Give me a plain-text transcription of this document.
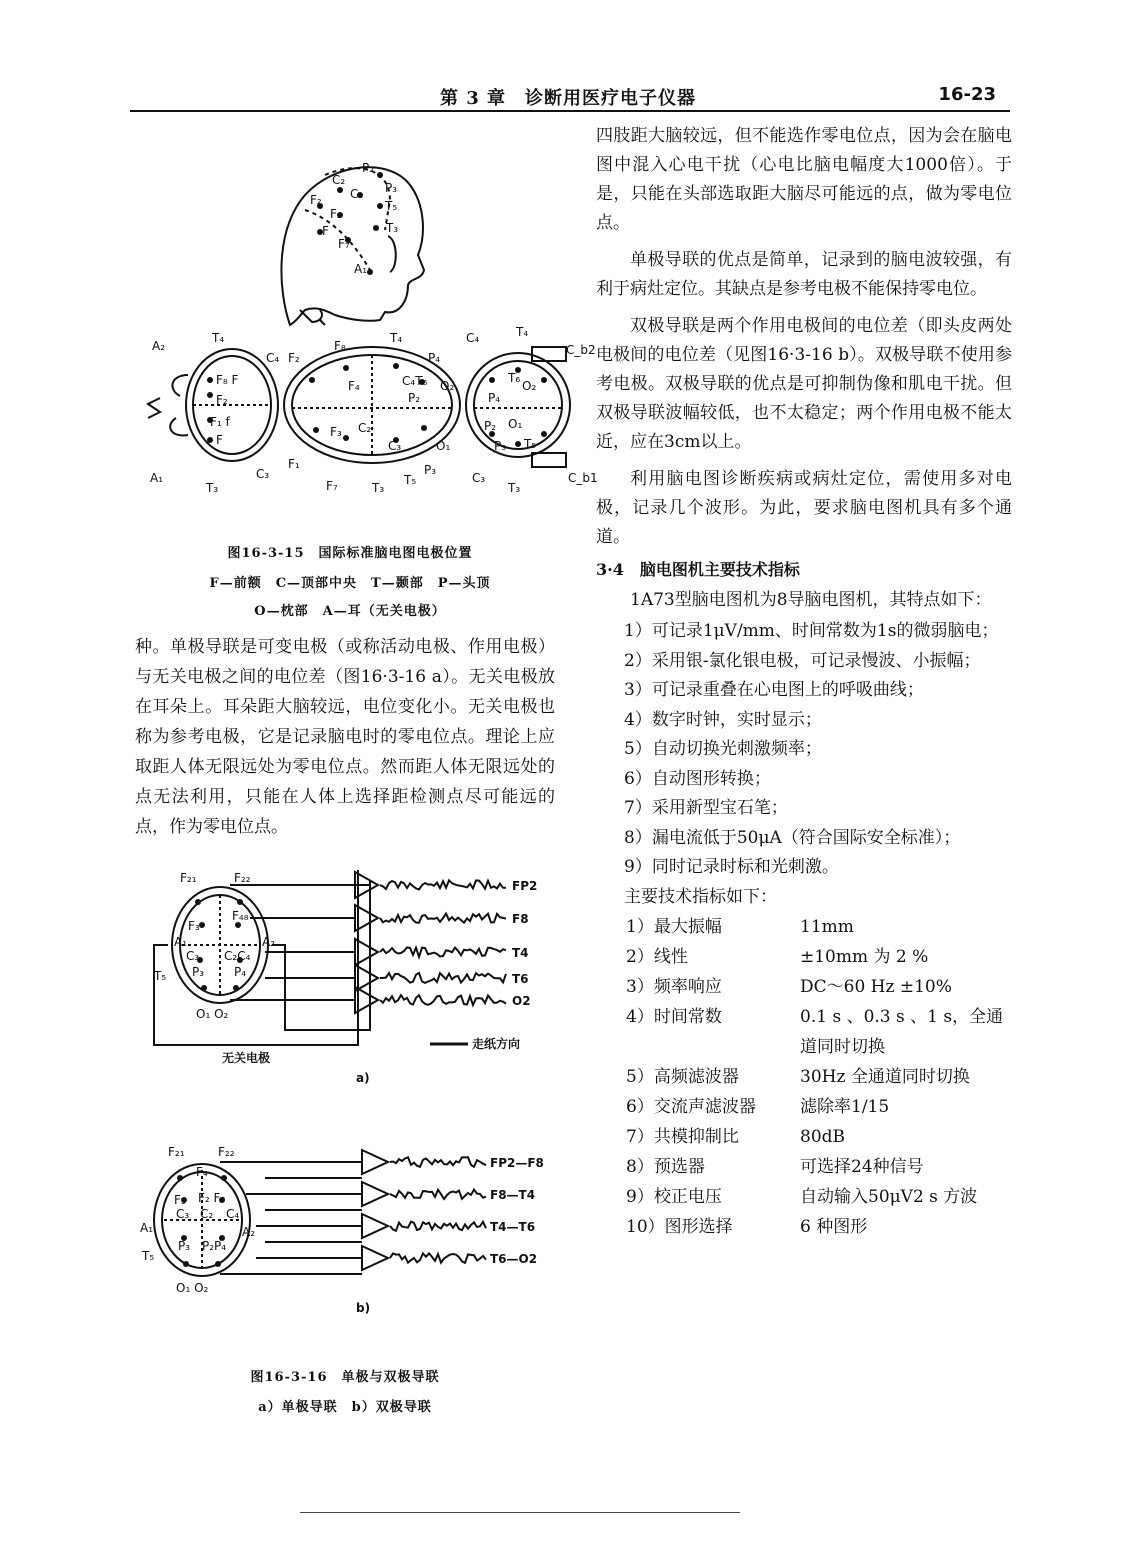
第 3 章　诊断用医疗电子仪器	16-23
P₂
C₂
C₃ P₃
T₅
F₂
F₃
T₃
F
F₇
A₁
A₂
T₄
C₄
F₈ F
F₂
F₁ f
F
C₃
T₃
A₁
F₂
F₈
T₄
P₄
F₄	C₄T₆
P₂
O₂
F₃ C₂
C₃	O₁
F₁
F₇	T₃
T₅
P₃
C₄	T₄
C_b2
T₆
O₂
P₄
P₂ O₁
P₃ T₅
C₃
T₃
C_b1
图16-3-15　国际标准脑电图电极位置
F—前额　C—顶部中央　T—颞部　P—头顶
O—枕部　A—耳（无关电极）

种。单极导联是可变电极（或称活动电极、作用电极）与无关电极之间的电位差（图16·3-16 a）。无关电极放在耳朵上。耳朵距大脑较远，电位变化小。无关电极也称为参考电极，它是记录脑电时的零电位点。理论上应取距人体无限远处为零电位点。然而距人体无限远处的点无法利用，只能在人体上选择距检测点尽可能远的点，作为零电位点。

F₂₁	F₂₂
F₃
F₄₈
A₁	A₂
C₃ C₂C₄
P₃ P₄
T₅
O₁ O₂
FP2
F8
T4
T6
O2
无关电极
走纸方向
a)
F₂₁	F₂₂
F₄
F₃ F₂ F₈
C₃ C₂ C₄
A₁	A₂
T₅
P₃ P₂P₄
O₁ O₂
FP2—F8
F8—T4
T4—T6
T6—O2
b)
图16-3-16　单极与双极导联
a）单极导联　b）双极导联

四肢距大脑较远，但不能选作零电位点，因为会在脑电图中混入心电干扰（心电比脑电幅度大1000倍）。于是，只能在头部选取距大脑尽可能远的点，做为零电位点。

单极导联的优点是简单，记录到的脑电波较强，有利于病灶定位。其缺点是参考电极不能保持零电位。

双极导联是两个作用电极间的电位差（即头皮两处电极间的电位差（见图16·3-16 b）。双极导联不使用参考电极。双极导联的优点是可抑制伪像和肌电干扰。但双极导联波幅较低，也不太稳定；两个作用电极不能太近，应在3cm以上。

利用脑电图诊断疾病或病灶定位，需使用多对电极，记录几个波形。为此，要求脑电图机具有多个通道。

3·4　脑电图机主要技术指标

1A73型脑电图机为8导脑电图机，其特点如下：

1）可记录1μV/mm、时间常数为1s的微弱脑电；
2）采用银-氯化银电极，可记录慢波、小振幅；
3）可记录重叠在心电图上的呼吸曲线；
4）数字时钟，实时显示；
5）自动切换光刺激频率；
6）自动图形转换；
7）采用新型宝石笔；
8）漏电流低于50μA（符合国际安全标准）；
9）同时记录时标和光刺激。
主要技术指标如下：
1）最大振幅	11mm
2）线性	±10mm 为 2 %
3）频率响应	DC～60 Hz ±10%
4）时间常数	0.1 s 、0.3 s 、1 s，全通道同时切换
5）高频滤波器	30Hz 全通道同时切换
6）交流声滤波器	滤除率1/15
7）共模抑制比	80dB
8）预选器	可选择24种信号
9）校正电压	自动输入50μV2 s 方波
10）图形选择	6 种图形
